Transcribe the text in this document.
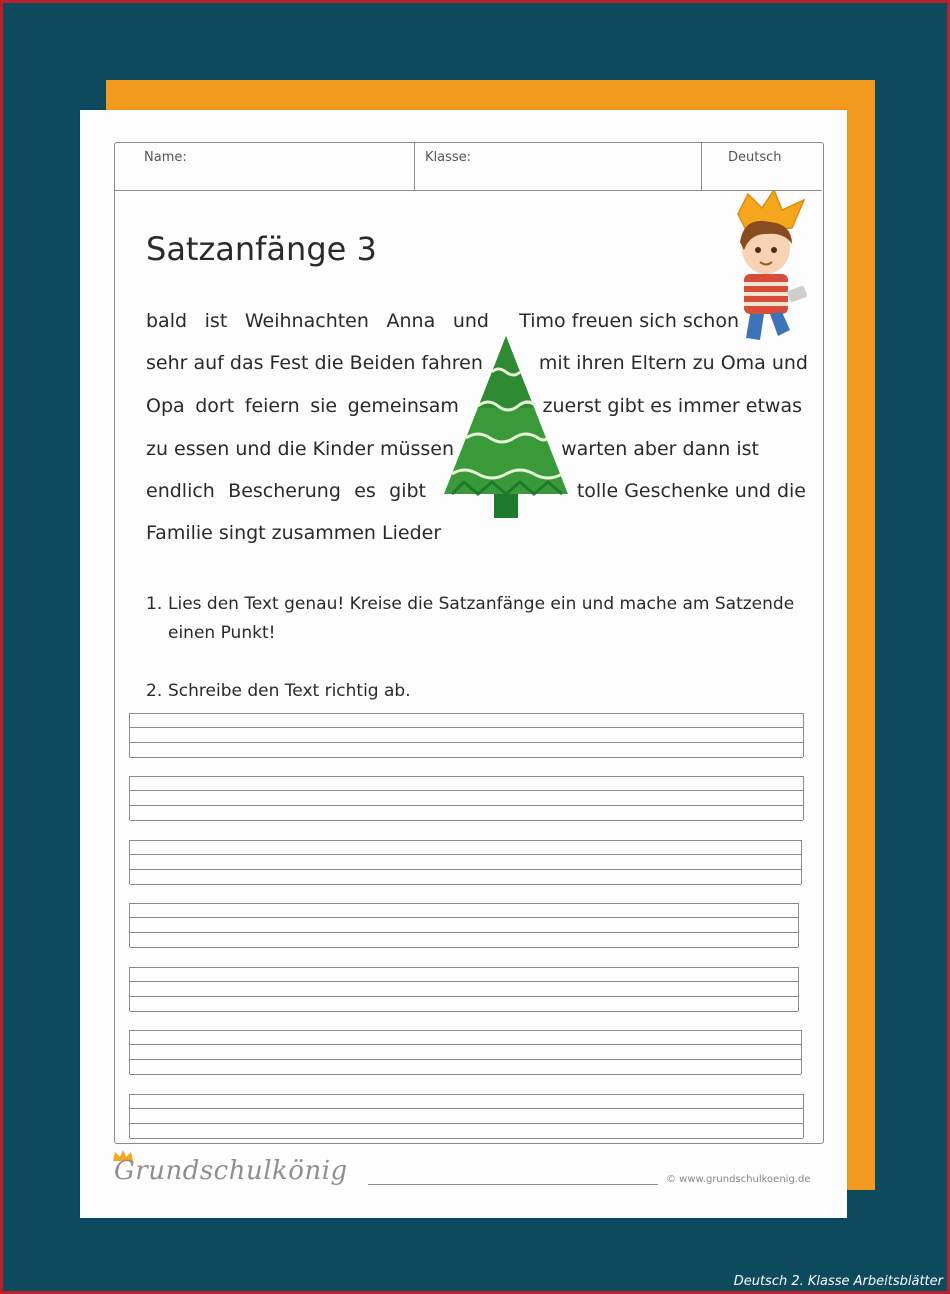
Name:	Klasse:	Deutsch
Satzanfänge 3
bald ist Weihnachten Anna und Timo freuen sich schon
sehr auf das Fest die Beiden fahren	mit ihren Eltern zu Oma und
Opa dort feiern sie gemeinsam	zuerst gibt es immer etwas
zu essen und die Kinder müssen	warten aber dann ist
endlich Bescherung es gibt	tolle Geschenke und die
Familie singt zusammen Lieder
1. Lies den Text genau! Kreise die Satzanfänge ein und mache am Satzende
einen Punkt!
2. Schreibe den Text richtig ab.
Grundschulkönig	© www.grundschulkoenig.de
Deutsch 2. Klasse Arbeitsblätter
